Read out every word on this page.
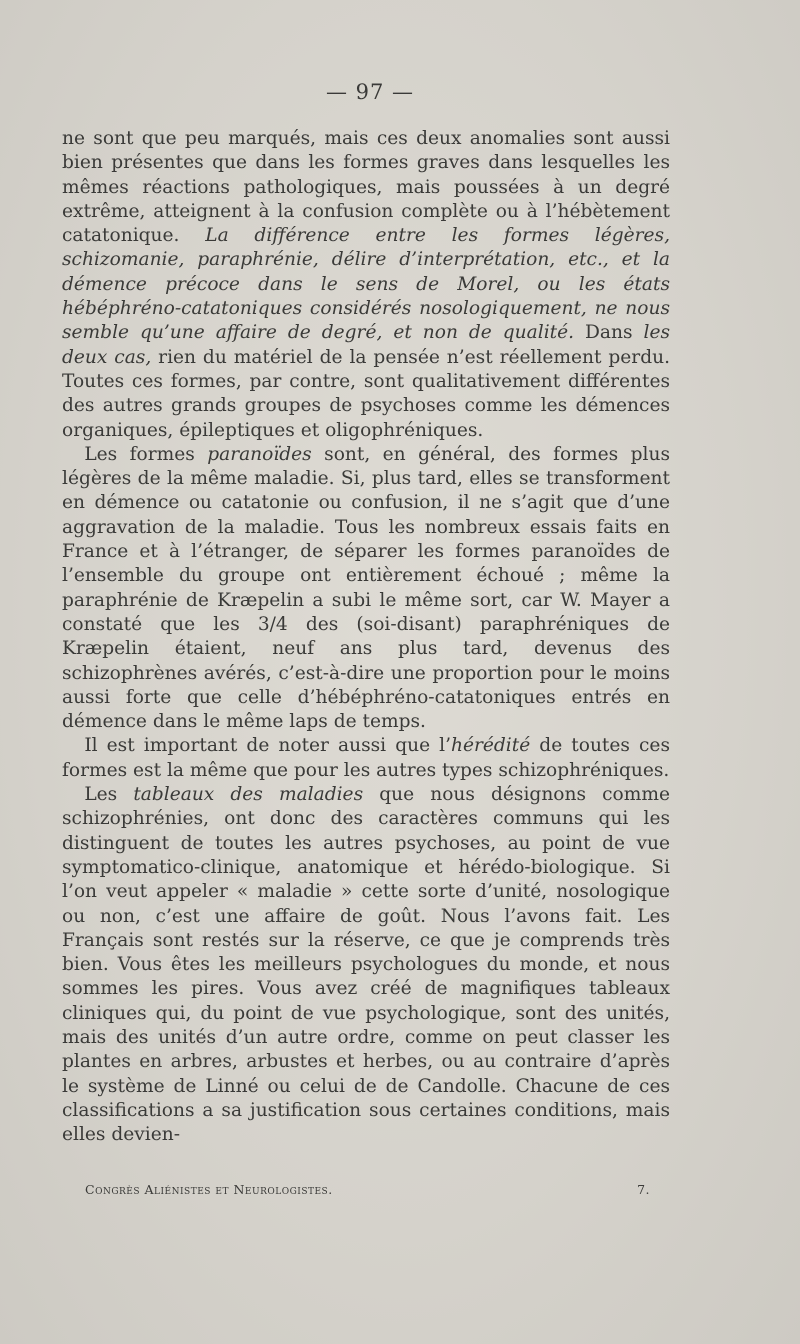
— 97 —

ne sont que peu marqués, mais ces deux anomalies sont aussi bien présentes que dans les formes graves dans lesquelles les mêmes réactions pathologiques, mais poussées à un degré extrême, atteignent à la confusion complète ou à l’hébètement catatonique. La différence entre les formes légères, schizomanie, paraphrénie, délire d’interprétation, etc., et la démence précoce dans le sens de Morel, ou les états hébéphréno-catatoniques considérés nosologiquement, ne nous semble qu’une affaire de degré, et non de qualité. Dans les deux cas, rien du matériel de la pensée n’est réellement perdu. Toutes ces formes, par contre, sont qualitativement différentes des autres grands groupes de psychoses comme les démences organiques, épileptiques et oligophréniques.

Les formes paranoïdes sont, en général, des formes plus légères de la même maladie. Si, plus tard, elles se transforment en démence ou catatonie ou confusion, il ne s’agit que d’une aggravation de la maladie. Tous les nombreux essais faits en France et à l’étranger, de séparer les formes paranoïdes de l’ensemble du groupe ont entièrement échoué ; même la paraphrénie de Kræpelin a subi le même sort, car W. Mayer a constaté que les 3/4 des (soi-disant) paraphréniques de Kræpelin étaient, neuf ans plus tard, devenus des schizophrènes avérés, c’est-à-dire une proportion pour le moins aussi forte que celle d’hébéphréno-catatoniques entrés en démence dans le même laps de temps.

Il est important de noter aussi que l’hérédité de toutes ces formes est la même que pour les autres types schizophréniques.

Les tableaux des maladies que nous désignons comme schizophrénies, ont donc des caractères communs qui les distinguent de toutes les autres psychoses, au point de vue symptomatico-clinique, anatomique et hérédo-biologique. Si l’on veut appeler « maladie » cette sorte d’unité, nosologique ou non, c’est une affaire de goût. Nous l’avons fait. Les Français sont restés sur la réserve, ce que je comprends très bien. Vous êtes les meilleurs psychologues du monde, et nous sommes les pires. Vous avez créé de magnifiques tableaux cliniques qui, du point de vue psychologique, sont des unités, mais des unités d’un autre ordre, comme on peut classer les plantes en arbres, arbustes et herbes, ou au contraire d’après le système de Linné ou celui de de Candolle. Chacune de ces classifications a sa justification sous certaines conditions, mais elles devien-

Congrès Aliénistes et Neurologistes.	7.
